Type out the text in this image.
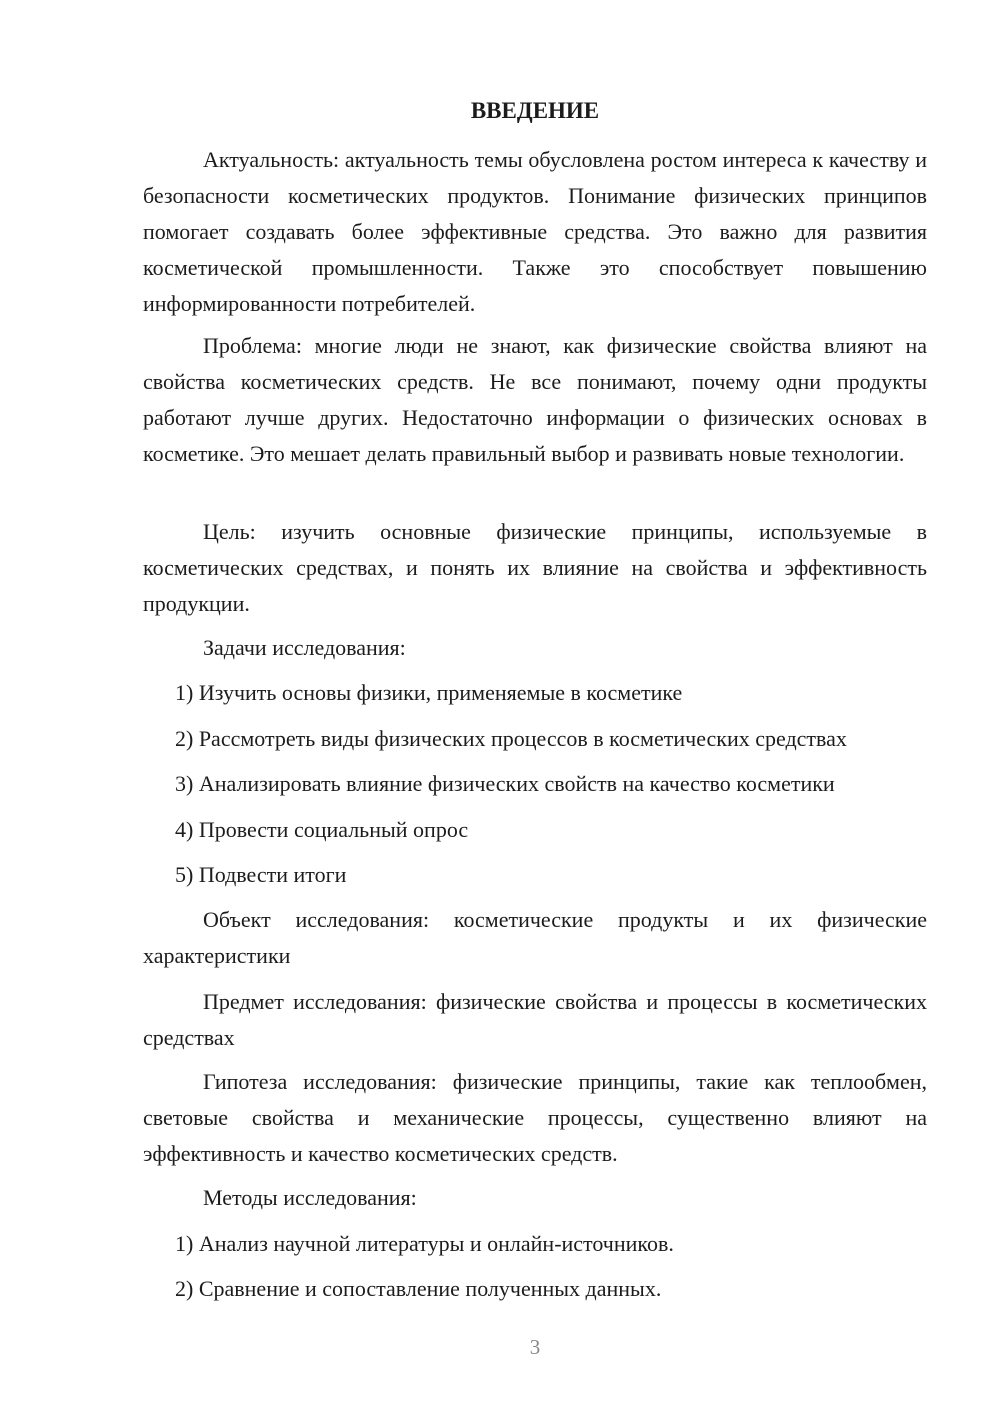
ВВЕДЕНИЕ

Актуальность: актуальность темы обусловлена ростом интереса к качеству и безопасности косметических продуктов. Понимание физических принципов помогает создавать более эффективные средства. Это важно для развития косметической промышленности. Также это способствует повышению информированности потребителей.

Проблема: многие люди не знают, как физические свойства влияют на свойства косметических средств. Не все понимают, почему одни продукты работают лучше других. Недостаточно информации о физических основах в косметике. Это мешает делать правильный выбор и развивать новые технологии.

Цель: изучить основные физические принципы, используемые в косметических средствах, и понять их влияние на свойства и эффективность продукции.

Задачи исследования:

1) Изучить основы физики, применяемые в косметике

2) Рассмотреть виды физических процессов в косметических средствах

3) Анализировать влияние физических свойств на качество косметики

4) Провести социальный опрос

5) Подвести итоги

Объект исследования: косметические продукты и их физические характеристики

Предмет исследования: физические свойства и процессы в косметических средствах

Гипотеза исследования: физические принципы, такие как теплообмен, световые свойства и механические процессы, существенно влияют на эффективность и качество косметических средств.

Методы исследования:

1) Анализ научной литературы и онлайн-источников.

2) Сравнение и сопоставление полученных данных.

3
